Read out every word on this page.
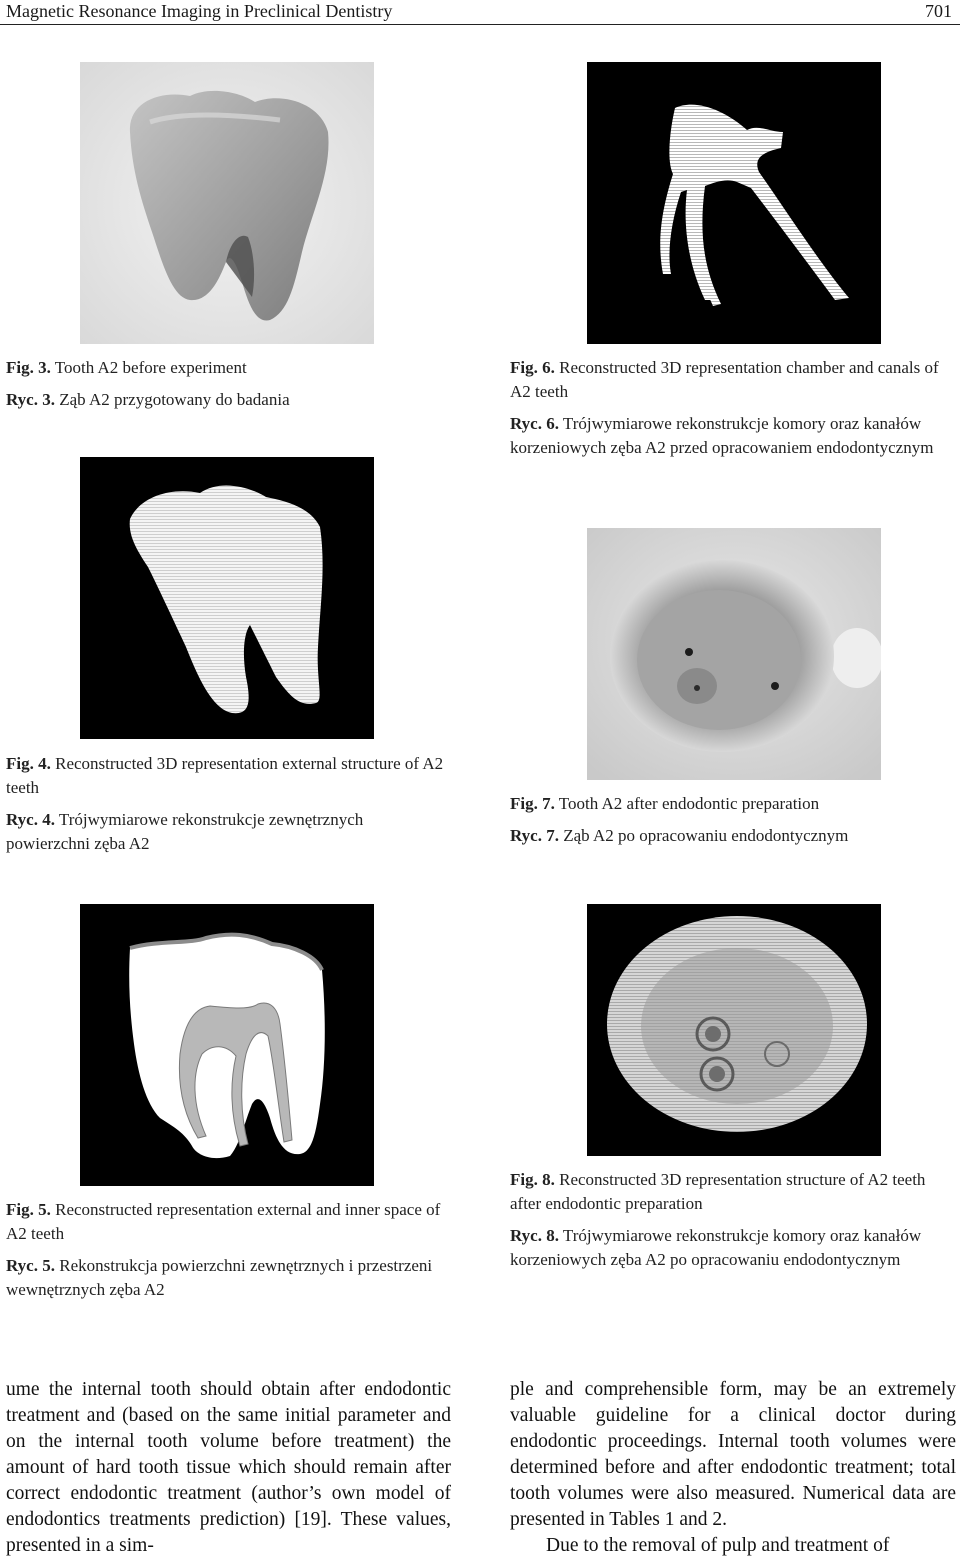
Magnetic Resonance Imaging in Preclinical Dentistry	701

Fig. 3. Tooth A2 before experiment

Ryc. 3. Ząb A2 przygotowany do badania

Fig. 6. Reconstructed 3D representation chamber and canals of A2 teeth

Ryc. 6. Trójwymiarowe rekonstrukcje komory oraz kanałów korzeniowych zęba A2 przed opracowaniem endodontycznym

Fig. 4. Reconstructed 3D representation external structure of A2 teeth

Ryc. 4. Trójwymiarowe rekonstrukcje zewnętrznych powierzchni zęba A2

Fig. 7. Tooth A2 after endodontic preparation

Ryc. 7. Ząb A2 po opracowaniu endodontycznym

Fig. 5. Reconstructed representation external and inner space of A2 teeth

Ryc. 5. Rekonstrukcja powierzchni zewnętrznych i przestrzeni wewnętrznych zęba A2

Fig. 8. Reconstructed 3D representation structure of A2 teeth after endodontic preparation

Ryc. 8. Trójwymiarowe rekonstrukcje komory oraz kanałów korzeniowych zęba A2 po opracowaniu endodontycznym

ume the internal tooth should obtain after endodontic treatment and (based on the same initial parameter and on the internal tooth volume before treatment) the amount of hard tooth tissue which should remain after correct endodontic treatment (author’s own model of endodontics treatments prediction) [19]. These values, presented in a sim-

ple and comprehensible form, may be an extremely valuable guideline for a clinical doctor during endodontic proceedings. Internal tooth volumes were determined before and after endodontic treatment; total tooth volumes were also measured. Numerical data are presented in Tables 1 and 2.

Due to the removal of pulp and treatment of
